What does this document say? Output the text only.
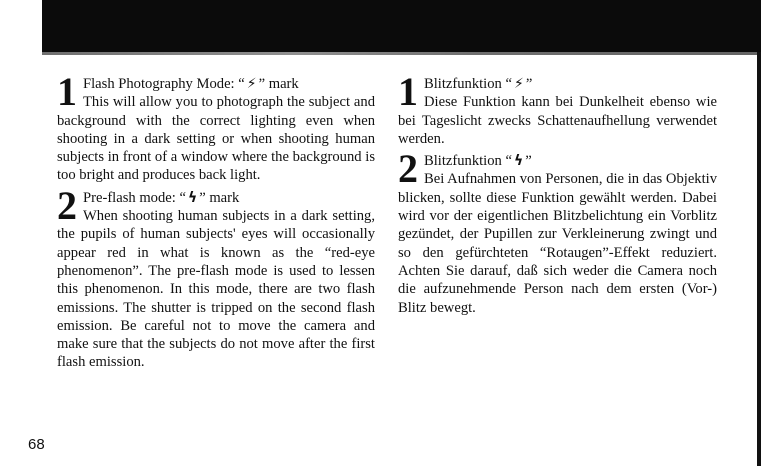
1 Flash Photography Mode: “ ⚡ ” mark
This will allow you to photograph the subject and background with the correct lighting even when shooting in a dark setting or when shooting human subjects in front of a window where the background is too bright and produces back light.
2 Pre-flash mode: “ ϟ ” mark
When shooting human subjects in a dark setting, the pupils of human subjects' eyes will occasionally appear red in what is known as the “red-eye phenomenon”. The pre-flash mode is used to lessen this phenomenon. In this mode, there are two flash emissions. The shutter is tripped on the second flash emission. Be careful not to move the camera and make sure that the subjects do not move after the first flash emission.
1 Blitzfunktion “ ⚡ ”
Diese Funktion kann bei Dunkelheit ebenso wie bei Tageslicht zwecks Schattenaufhellung verwendet werden.
2 Blitzfunktion “ ϟ ”
Bei Aufnahmen von Personen, die in das Objektiv blicken, sollte diese Funktion gewählt werden. Dabei wird vor der eigentlichen Blitzbelichtung ein Vorblitz gezündet, der Pupillen zur Verkleinerung zwingt und so den gefürchteten “Rotaugen”-Effekt reduziert. Achten Sie darauf, daß sich weder die Camera noch die aufzunehmende Person nach dem ersten (Vor-) Blitz bewegt.
68
